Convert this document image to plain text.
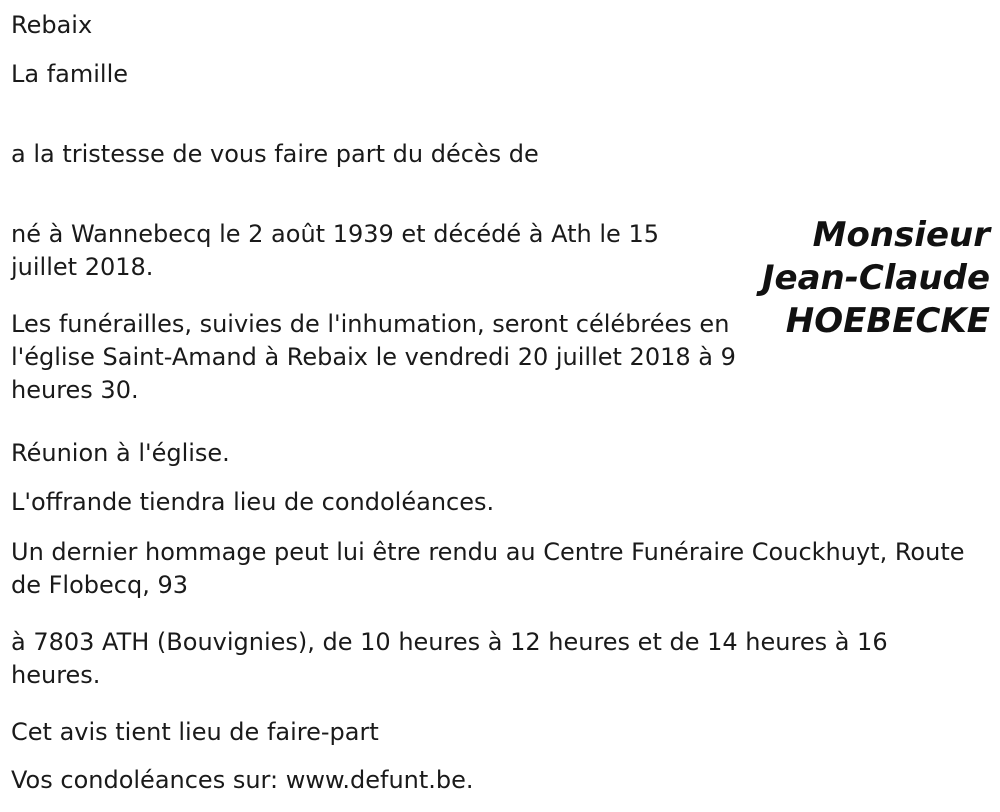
Rebaix

La famille

a la tristesse de vous faire part du décès de

né à Wannebecq le 2 août 1939 et décédé à Ath le 15 juillet 2018.

Les funérailles, suivies de l'inhumation, seront célébrées en l'église Saint-Amand à Rebaix le vendredi 20 juillet 2018 à 9 heures 30.

Réunion à l'église.

L'offrande tiendra lieu de condoléances.

Un dernier hommage peut lui être rendu au Centre Funéraire Couckhuyt, Route de Flobecq, 93

à 7803 ATH (Bouvignies), de 10 heures à 12 heures et de 14 heures à 16 heures.

Cet avis tient lieu de faire-part

Vos condoléances sur: www.defunt.be.

Monsieur
Jean-Claude
HOEBECKE
